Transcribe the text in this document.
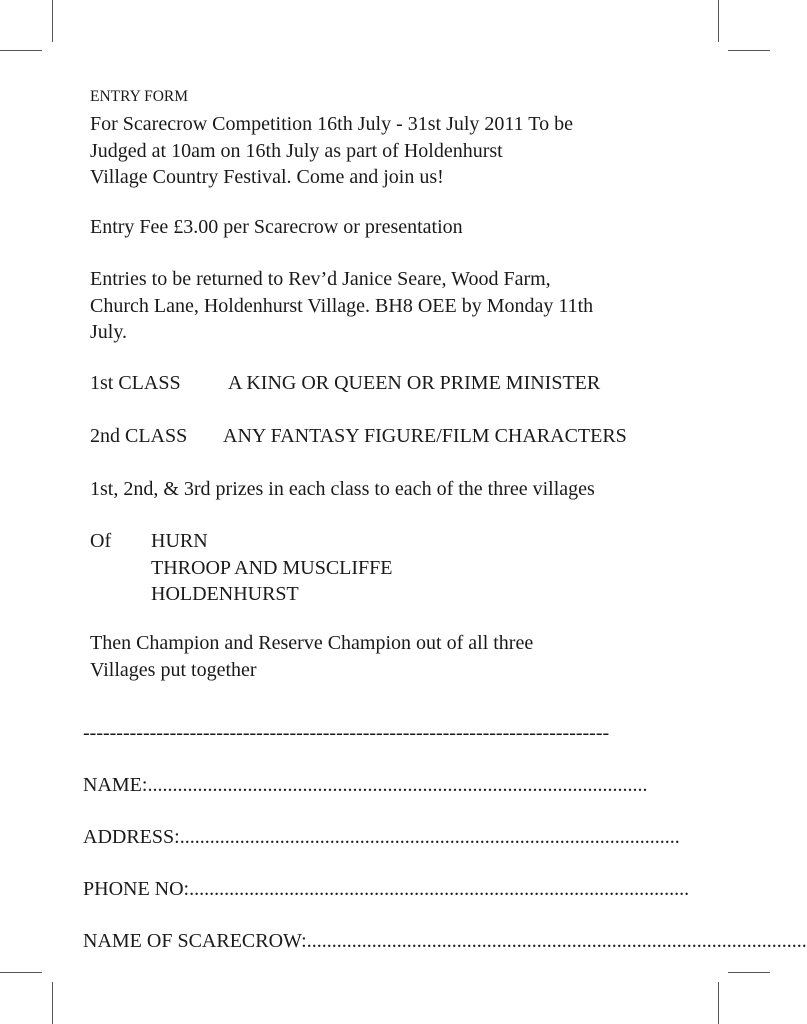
ENTRY FORM
For Scarecrow Competition 16th July - 31st July 2011 To be
Judged at 10am on 16th July as part of Holdenhurst
Village Country Festival. Come and join us!
Entry Fee £3.00 per Scarecrow or presentation
Entries to be returned to Rev’d Janice Seare, Wood Farm,
Church Lane, Holdenhurst Village. BH8 OEE by Monday 11th
July.
1st CLASS A KING OR QUEEN OR PRIME MINISTER
2nd CLASS ANY FANTASY FIGURE/FILM CHARACTERS
1st, 2nd, & 3rd prizes in each class to each of the three villages
Of HURN
THROOP AND MUSCLIFFE
HOLDENHURST
Then Champion and Reserve Champion out of all three
Villages put together
-------------------------------------------------------------------------------
NAME:....................................................................................................
ADDRESS:....................................................................................................
PHONE NO:....................................................................................................
NAME OF SCARECROW:....................................................................................................
